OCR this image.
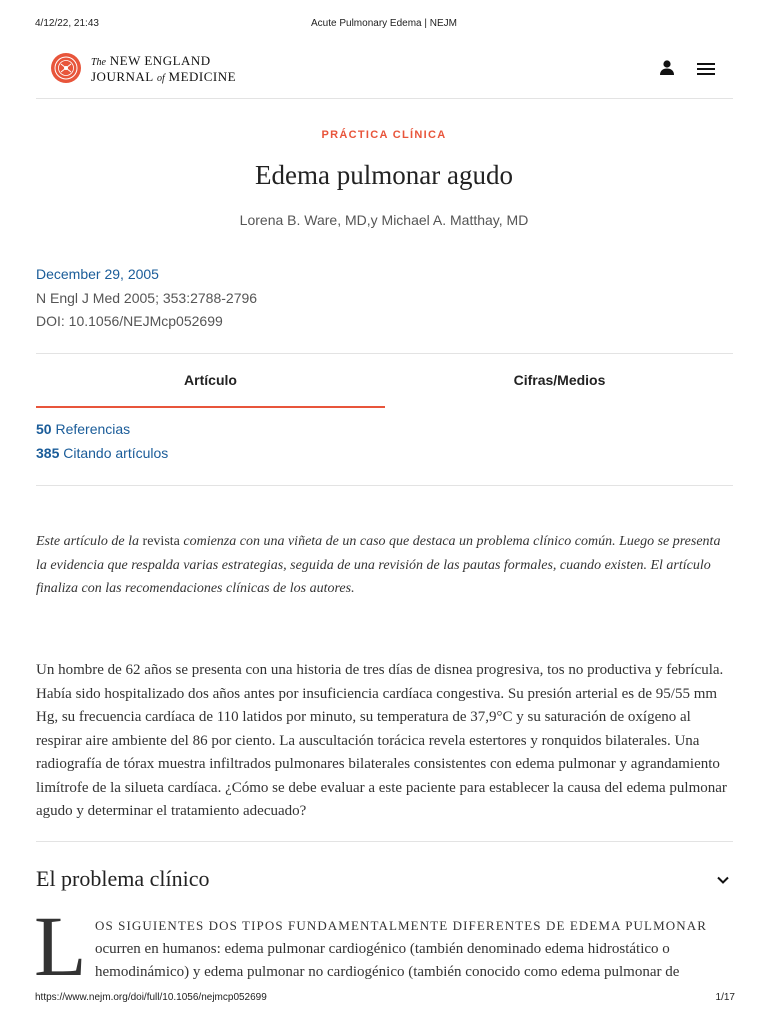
4/12/22, 21:43	Acute Pulmonary Edema | NEJM
The NEW ENGLAND
JOURNAL of MEDICINE
PRÁCTICA CLÍNICA
Edema pulmonar agudo
Lorena B. Ware, MD,y Michael A. Matthay, MD
December 29, 2005
N Engl J Med 2005; 353:2788-2796
DOI: 10.1056/NEJMcp052699
Artículo	Cifras/Medios
50 Referencias
385 Citando artículos

Este artículo de la revista comienza con una viñeta de un caso que destaca un problema clínico común. Luego se presenta la evidencia que respalda varias estrategias, seguida de una revisión de las pautas formales, cuando existen. El artículo finaliza con las recomendaciones clínicas de los autores.

Un hombre de 62 años se presenta con una historia de tres días de disnea progresiva, tos no productiva y febrícula. Había sido hospitalizado dos años antes por insuficiencia cardíaca congestiva. Su presión arterial es de 95/55 mm Hg, su frecuencia cardíaca de 110 latidos por minuto, su temperatura de 37,9°C y su saturación de oxígeno al respirar aire ambiente del 86 por ciento. La auscultación torácica revela estertores y ronquidos bilaterales. Una radiografía de tórax muestra infiltrados pulmonares bilaterales consistentes con edema pulmonar y agrandamiento limítrofe de la silueta cardíaca. ¿Cómo se debe evaluar a este paciente para establecer la causa del edema pulmonar agudo y determinar el tratamiento adecuado?

El problema clínico
L OS SIGUIENTES DOS TIPOS FUNDAMENTALMENTE DIFERENTES DE EDEMA PULMONAR
ocurren en humanos: edema pulmonar cardiogénico (también denominado edema hidrostático o
hemodinámico) y edema pulmonar no cardiogénico (también conocido como edema pulmonar de

https://www.nejm.org/doi/full/10.1056/nejmcp052699	1/17
